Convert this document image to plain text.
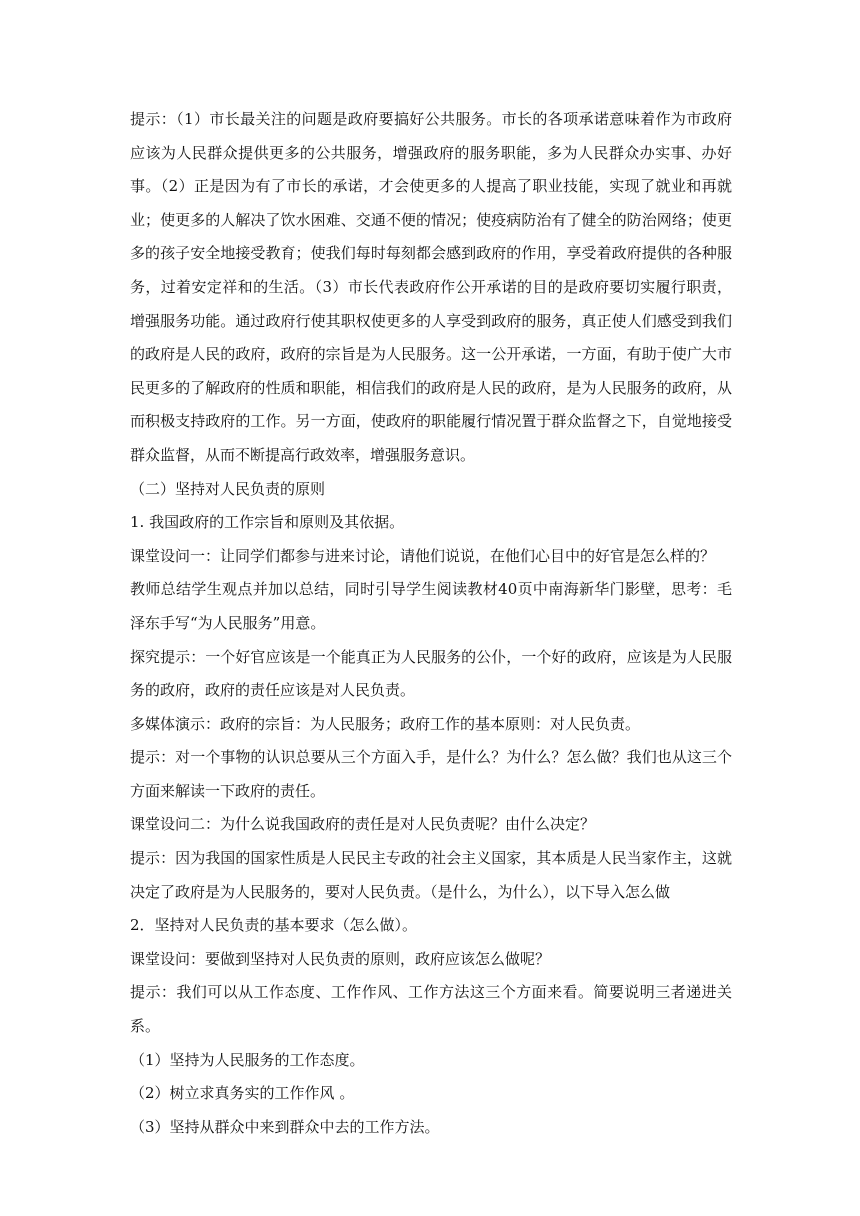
提示：（1）市长最关注的问题是政府要搞好公共服务。市长的各项承诺意味着作为市政府应该为人民群众提供更多的公共服务，增强政府的服务职能，多为人民群众办实事、办好事。（2）正是因为有了市长的承诺，才会使更多的人提高了职业技能，实现了就业和再就业；使更多的人解决了饮水困难、交通不便的情况；使疫病防治有了健全的防治网络；使更多的孩子安全地接受教育；使我们每时每刻都会感到政府的作用，享受着政府提供的各种服务，过着安定祥和的生活。（3）市长代表政府作公开承诺的目的是政府要切实履行职责，增强服务功能。通过政府行使其职权使更多的人享受到政府的服务，真正使人们感受到我们的政府是人民的政府，政府的宗旨是为人民服务。这一公开承诺，一方面，有助于使广大市民更多的了解政府的性质和职能，相信我们的政府是人民的政府，是为人民服务的政府，从而积极支持政府的工作。另一方面，使政府的职能履行情况置于群众监督之下，自觉地接受群众监督，从而不断提高行政效率，增强服务意识。

（二）坚持对人民负责的原则

1. 我国政府的工作宗旨和原则及其依据。

课堂设问一：让同学们都参与进来讨论，请他们说说，在他们心目中的好官是怎么样的？

教师总结学生观点并加以总结，同时引导学生阅读教材40页中南海新华门影壁，思考：毛泽东手写“为人民服务”用意。

探究提示：一个好官应该是一个能真正为人民服务的公仆，一个好的政府，应该是为人民服务的政府，政府的责任应该是对人民负责。

多媒体演示：政府的宗旨：为人民服务；政府工作的基本原则：对人民负责。

提示：对一个事物的认识总要从三个方面入手，是什么？为什么？怎么做？我们也从这三个方面来解读一下政府的责任。

课堂设问二：为什么说我国政府的责任是对人民负责呢？由什么决定？

提示：因为我国的国家性质是人民民主专政的社会主义国家，其本质是人民当家作主，这就决定了政府是为人民服务的，要对人民负责。（是什么，为什么），以下导入怎么做

2．坚持对人民负责的基本要求（怎么做）。

课堂设问：要做到坚持对人民负责的原则，政府应该怎么做呢？

提示：我们可以从工作态度、工作作风、工作方法这三个方面来看。简要说明三者递进关系。

（1）坚持为人民服务的工作态度。

（2）树立求真务实的工作作风 。

（3）坚持从群众中来到群众中去的工作方法。
